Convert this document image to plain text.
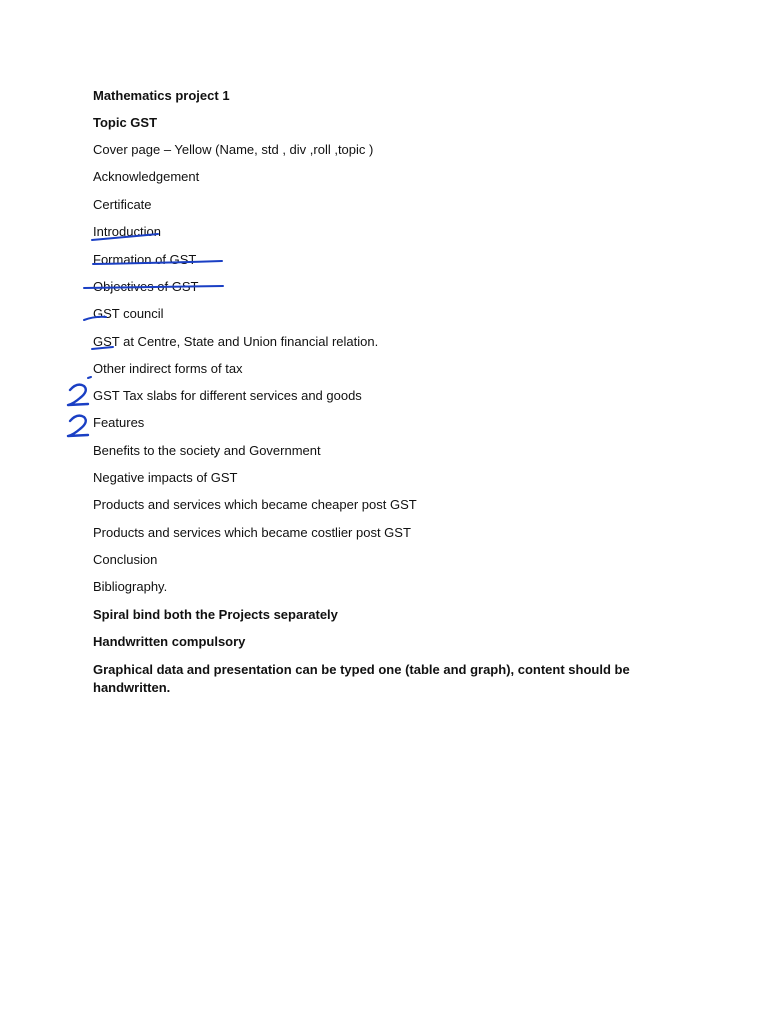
Mathematics project 1
Topic GST
Cover page – Yellow (Name, std , div ,roll ,topic )
Acknowledgement
Certificate
Introduction
Formation of GST
Objectives of GST
GST council
GST at Centre, State and Union financial relation.
Other indirect forms of tax
GST Tax slabs for different services and goods
Features
Benefits to the society and Government
Negative impacts of GST
Products and services which became cheaper post GST
Products and services which became costlier post GST
Conclusion
Bibliography.
Spiral bind both the Projects separately
Handwritten compulsory
Graphical data and presentation can be typed one (table and graph), content should be handwritten.
